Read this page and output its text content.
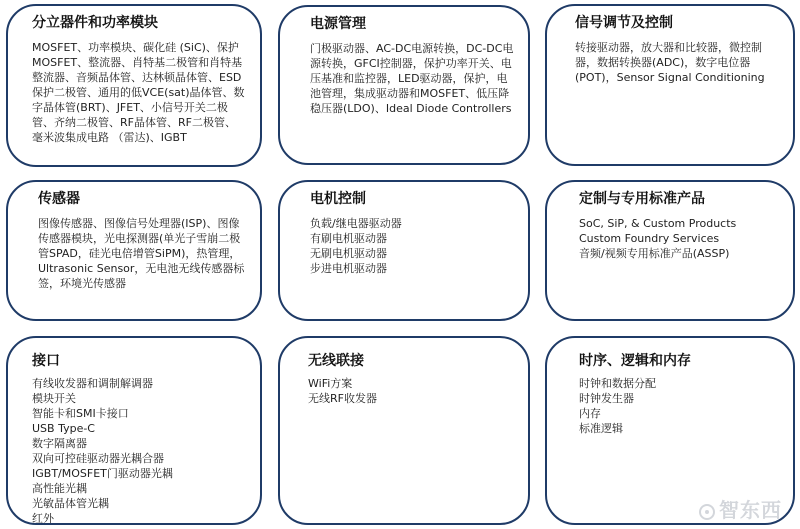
分立器件和功率模块
MOSFET、功率模块、碳化硅 (SiC)、保护MOSFET、整流器、肖特基二极管和肖特基整流器、音频晶体管、达林顿晶体管、ESD保护二极管、通用的低VCE(sat)晶体管、数字晶体管(BRT)、JFET、小信号开关二极管、齐纳二极管、RF晶体管、RF二极管、毫米波集成电路 （雷达)、IGBT
电源管理
门极驱动器、AC-DC电源转换，DC-DC电源转换，GFCI控制器，保护功率开关、电压基准和监控器，LED驱动器，保护，电池管理，集成驱动器和MOSFET、低压降稳压器(LDO)、Ideal Diode Controllers
信号调节及控制
转接驱动器，放大器和比较器，微控制器，数据转换器(ADC)，数字电位器(POT)，Sensor Signal Conditioning
传感器
图像传感器、图像信号处理器(ISP)、图像传感器模块，光电探测器(单光子雪崩二极管SPAD，硅光电倍增管SiPM)，热管理，Ultrasonic Sensor，无电池无线传感器标签，环境光传感器
电机控制
负载/继电器驱动器
有刷电机驱动器
无刷电机驱动器
步进电机驱动器
定制与专用标准产品
SoC, SiP, & Custom Products
Custom Foundry Services
音频/视频专用标准产品(ASSP)
接口
有线收发器和调制解调器
模块开关
智能卡和SMI卡接口
USB Type-C
数字隔离器
双向可控硅驱动器光耦合器
IGBT/MOSFET门驱动器光耦
高性能光耦
光敏晶体管光耦
红外
无线联接
WiFi方案
无线RF收发器
时序、逻辑和内存
时钟和数据分配
时钟发生器
内存
标准逻辑
智东西
